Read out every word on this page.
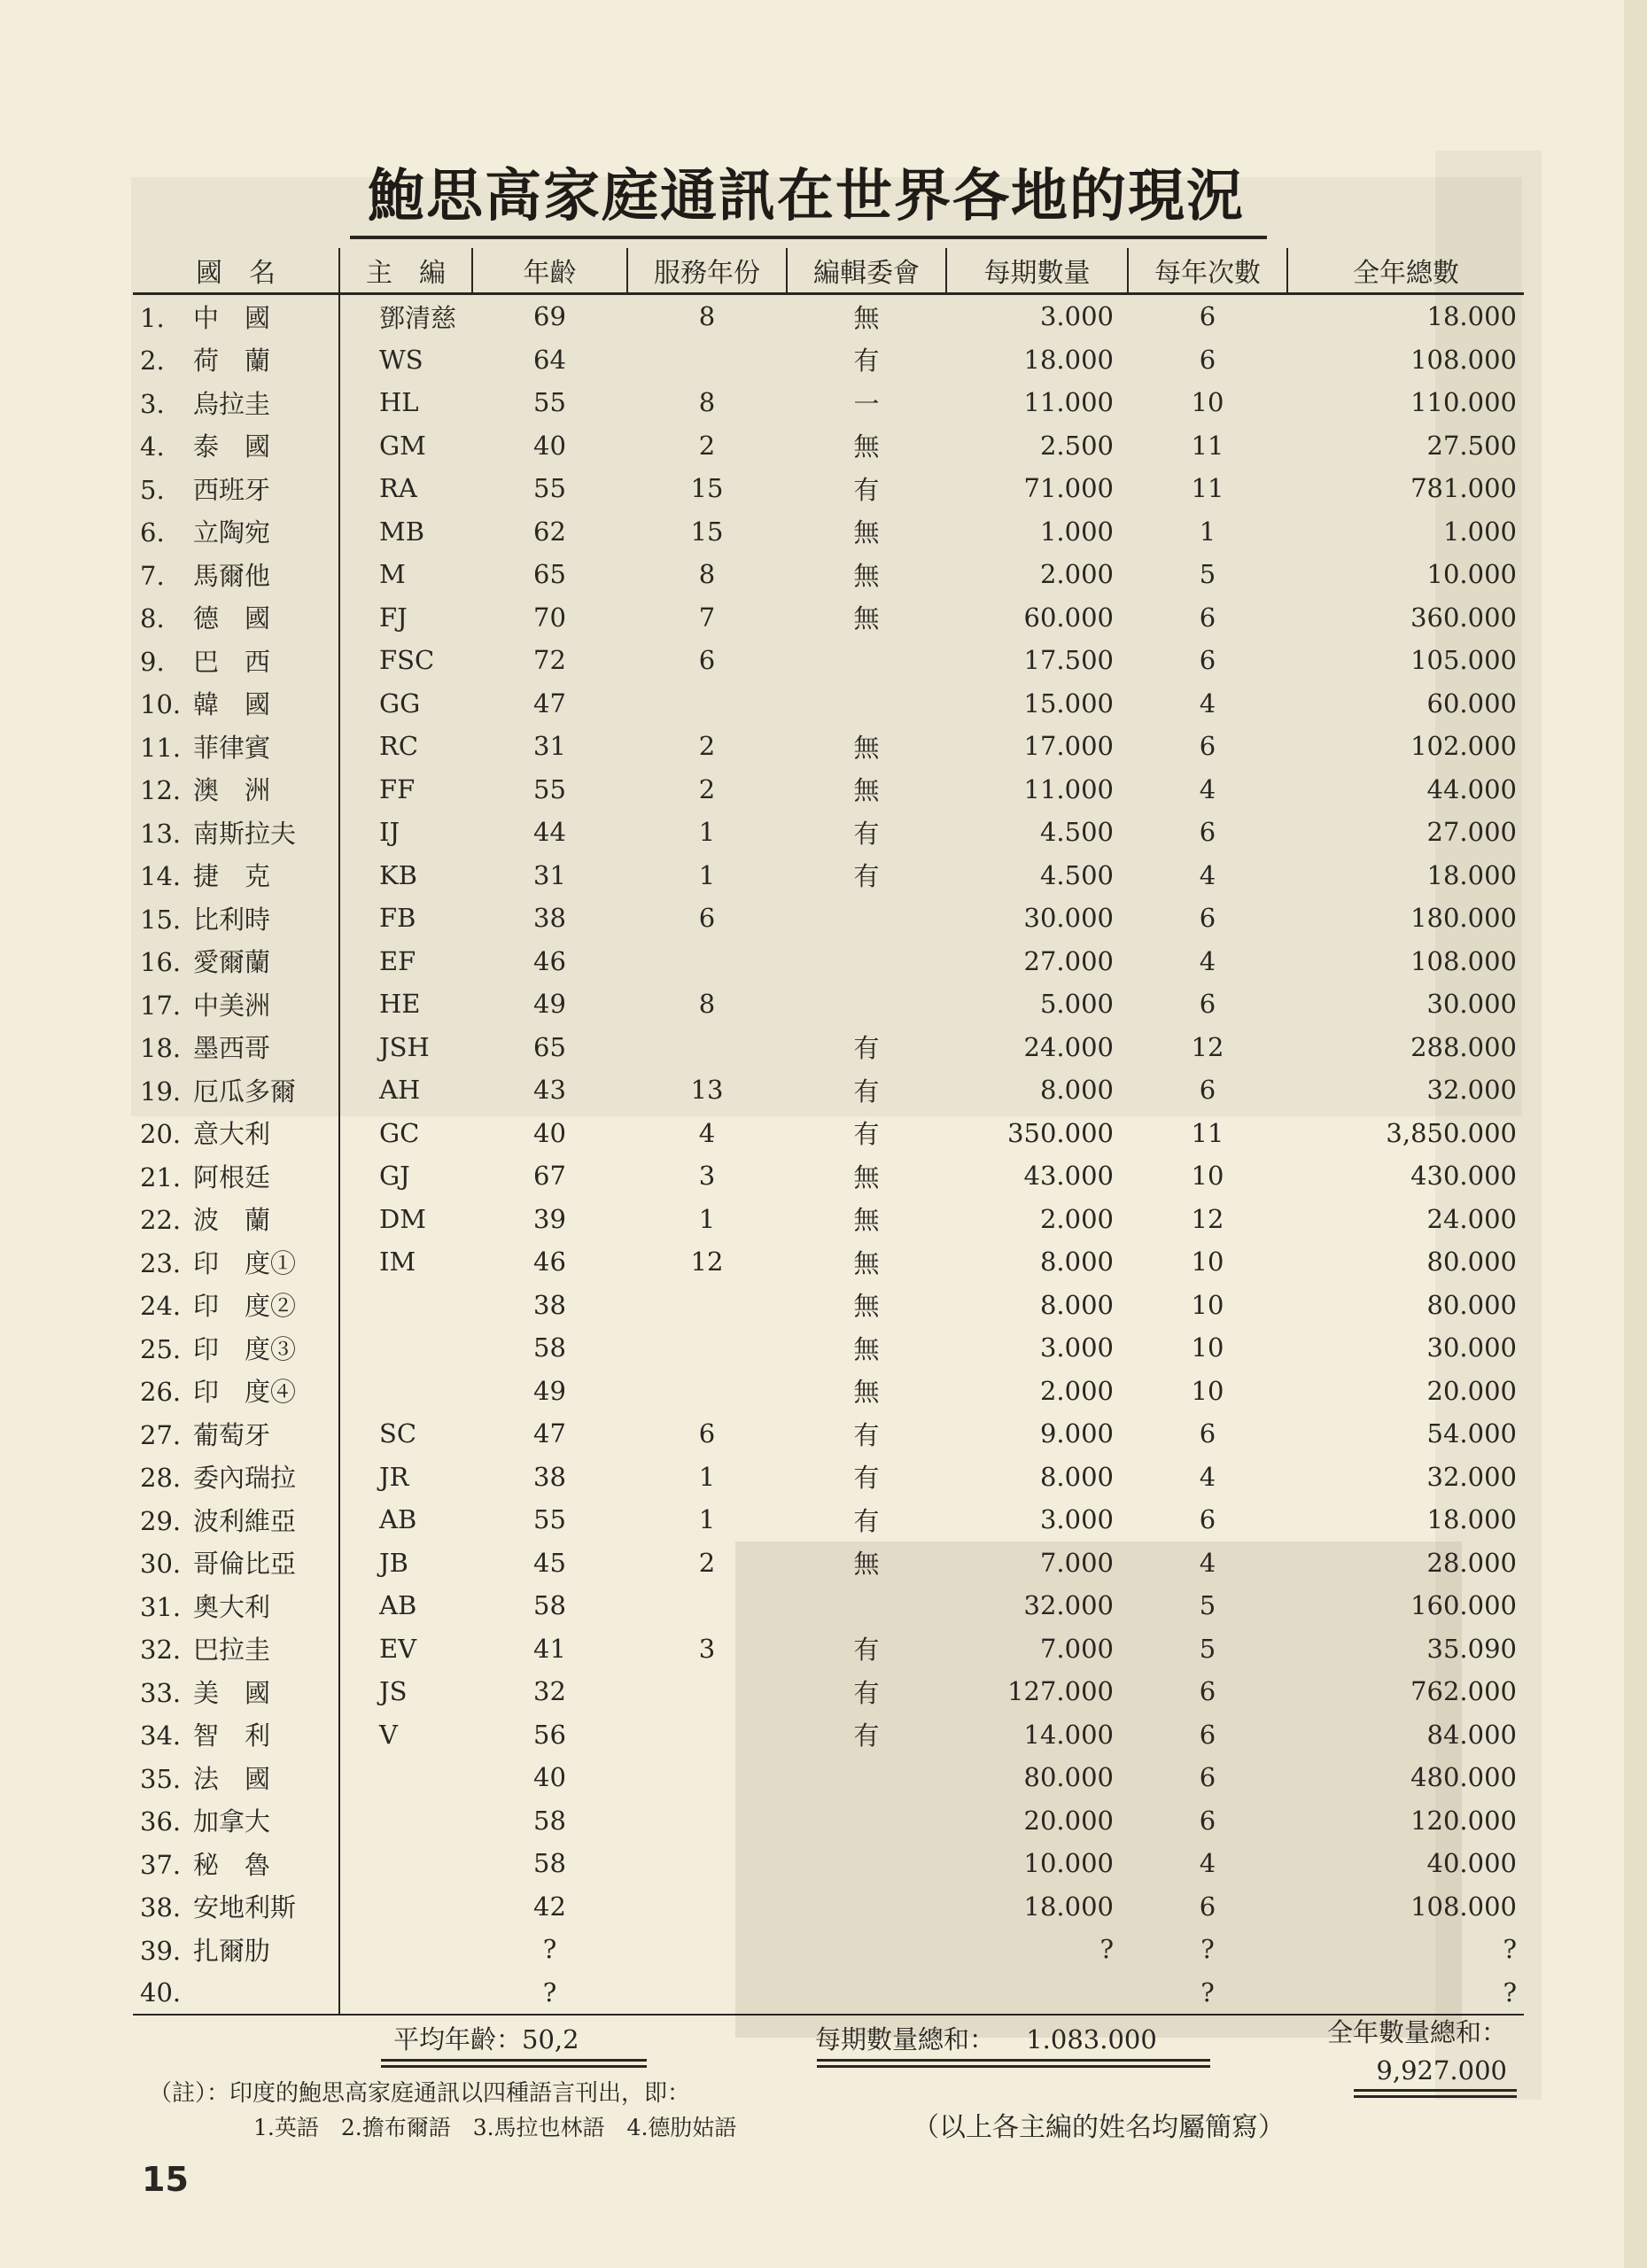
鮑思高家庭通訊在世界各地的現況
國　名	主　編	年齡	服務年份	編輯委會	每期數量	每年次數	全年總數
1. 中　國	鄧清慈	69	8	無	3.000	6	18.000
2. 荷　蘭	WS	64		有	18.000	6	108.000
3. 烏拉圭	HL	55	8	一	11.000	10	110.000
4. 泰　國	GM	40	2	無	2.500	11	27.500
5. 西班牙	RA	55	15	有	71.000	11	781.000
6. 立陶宛	MB	62	15	無	1.000	1	1.000
7. 馬爾他	M	65	8	無	2.000	5	10.000
8. 德　國	FJ	70	7	無	60.000	6	360.000
9. 巴　西	FSC	72	6		17.500	6	105.000
10. 韓　國	GG	47			15.000	4	60.000
11. 菲律賓	RC	31	2	無	17.000	6	102.000
12. 澳　洲	FF	55	2	無	11.000	4	44.000
13. 南斯拉夫	IJ	44	1	有	4.500	6	27.000
14. 捷　克	KB	31	1	有	4.500	4	18.000
15. 比利時	FB	38	6		30.000	6	180.000
16. 愛爾蘭	EF	46			27.000	4	108.000
17. 中美洲	HE	49	8		5.000	6	30.000
18. 墨西哥	JSH	65		有	24.000	12	288.000
19. 厄瓜多爾	AH	43	13	有	8.000	6	32.000
20. 意大利	GC	40	4	有	350.000	11	3,850.000
21. 阿根廷	GJ	67	3	無	43.000	10	430.000
22. 波　蘭	DM	39	1	無	2.000	12	24.000
23. 印　度①	IM	46	12	無	8.000	10	80.000
24. 印　度②		38		無	8.000	10	80.000
25. 印　度③		58		無	3.000	10	30.000
26. 印　度④		49		無	2.000	10	20.000
27. 葡萄牙	SC	47	6	有	9.000	6	54.000
28. 委內瑞拉	JR	38	1	有	8.000	4	32.000
29. 波利維亞	AB	55	1	有	3.000	6	18.000
30. 哥倫比亞	JB	45	2	無	7.000	4	28.000
31. 奧大利	AB	58			32.000	5	160.000
32. 巴拉圭	EV	41	3	有	7.000	5	35.090
33. 美　國	JS	32		有	127.000	6	762.000
34. 智　利	V	56		有	14.000	6	84.000
35. 法　國		40			80.000	6	480.000
36. 加拿大		58			20.000	6	120.000
37. 秘　魯		58			10.000	4	40.000
38. 安地利斯		42			18.000	6	108.000
39. 扎爾肋		?			?	?	?
40.		?				?	?
平均年齡：50,2	每期數量總和： 1.083.000	全年數量總和：
9,927.000
（註）：印度的鮑思高家庭通訊以四種語言刊出，即：
1.英語　2.擔布爾語　3.馬拉也林語　4.德肋姑語	（以上各主編的姓名均屬簡寫）
15
